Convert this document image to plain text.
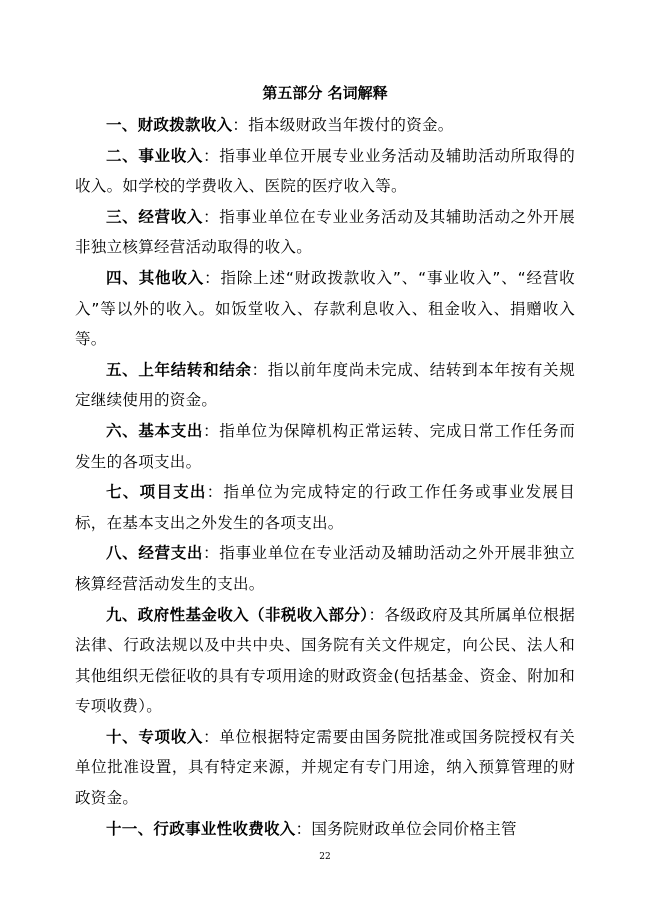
第五部分 名词解释

一、财政拨款收入：指本级财政当年拨付的资金。

二、事业收入：指事业单位开展专业业务活动及辅助活动所取得的收入。如学校的学费收入、医院的医疗收入等。

三、经营收入：指事业单位在专业业务活动及其辅助活动之外开展非独立核算经营活动取得的收入。

四、其他收入：指除上述“财政拨款收入”、“事业收入”、“经营收入”等以外的收入。如饭堂收入、存款利息收入、租金收入、捐赠收入等。

五、上年结转和结余：指以前年度尚未完成、结转到本年按有关规定继续使用的资金。

六、基本支出：指单位为保障机构正常运转、完成日常工作任务而发生的各项支出。

七、项目支出：指单位为完成特定的行政工作任务或事业发展目标，在基本支出之外发生的各项支出。

八、经营支出：指事业单位在专业活动及辅助活动之外开展非独立核算经营活动发生的支出。

九、政府性基金收入（非税收入部分）：各级政府及其所属单位根据法律、行政法规以及中共中央、国务院有关文件规定，向公民、法人和其他组织无偿征收的具有专项用途的财政资金(包括基金、资金、附加和专项收费）。

十、专项收入：单位根据特定需要由国务院批准或国务院授权有关单位批准设置，具有特定来源，并规定有专门用途，纳入预算管理的财政资金。

十一、行政事业性收费收入：国务院财政单位会同价格主管

22
